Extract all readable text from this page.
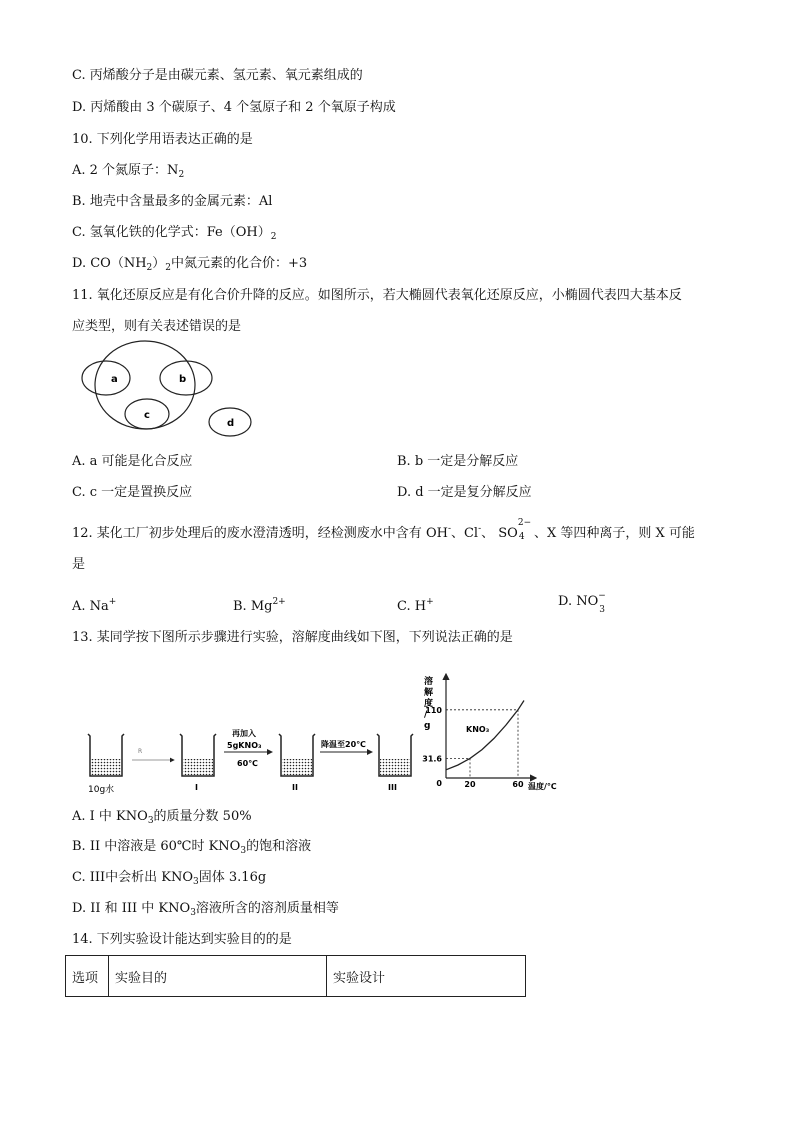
C. 丙烯酸分子是由碳元素、氢元素、氧元素组成的
D. 丙烯酸由 3 个碳原子、4 个氢原子和 2 个氧原子构成
10. 下列化学用语表达正确的是
A. 2 个氮原子：$N_2$
B. 地壳中含量最多的金属元素：Al
C. 氢氧化铁的化学式：$Fe(OH)_2$
D. $CO(NH_2)_2$中氮元素的化合价：+3
11. 氧化还原反应是有化合价升降的反应。如图所示，若大椭圆代表氧化还原反应，小椭圆代表四大基本反
应类型，则有关表述错误的是
a	b
c
d
A. a 可能是化合反应	B. b 一定是分解反应
C. c 一定是置换反应	D. d 一定是复分解反应
12. 某化工厂初步处理后的废水澄清透明，经检测废水中含有 OH-、Cl-、 SO
2−
4 、X 等四种离子，则 X 可能
是
A. Na+	B. $Mg^{2+}$	C. H+	D. NO −
3
13. 某同学按下图所示步骤进行实验，溶解度曲线如下图，下列说法正确的是
10g水
R
I
再加入
5gKNO₃
60℃
II
降温至20℃
III
溶
解
度
/
g
温度/℃
0
31.6
20
110
60
KNO₃
A. I 中 $KNO_3$的质量分数 50%
B. II 中溶液是 60℃时 $KNO_3$的饱和溶液
C. III中会析出 $KNO_3$固体 3.16g
D. II 和 III 中 $KNO_3$溶液所含的溶剂质量相等
14. 下列实验设计能达到实验目的的是
选项	实验目的	实验设计
